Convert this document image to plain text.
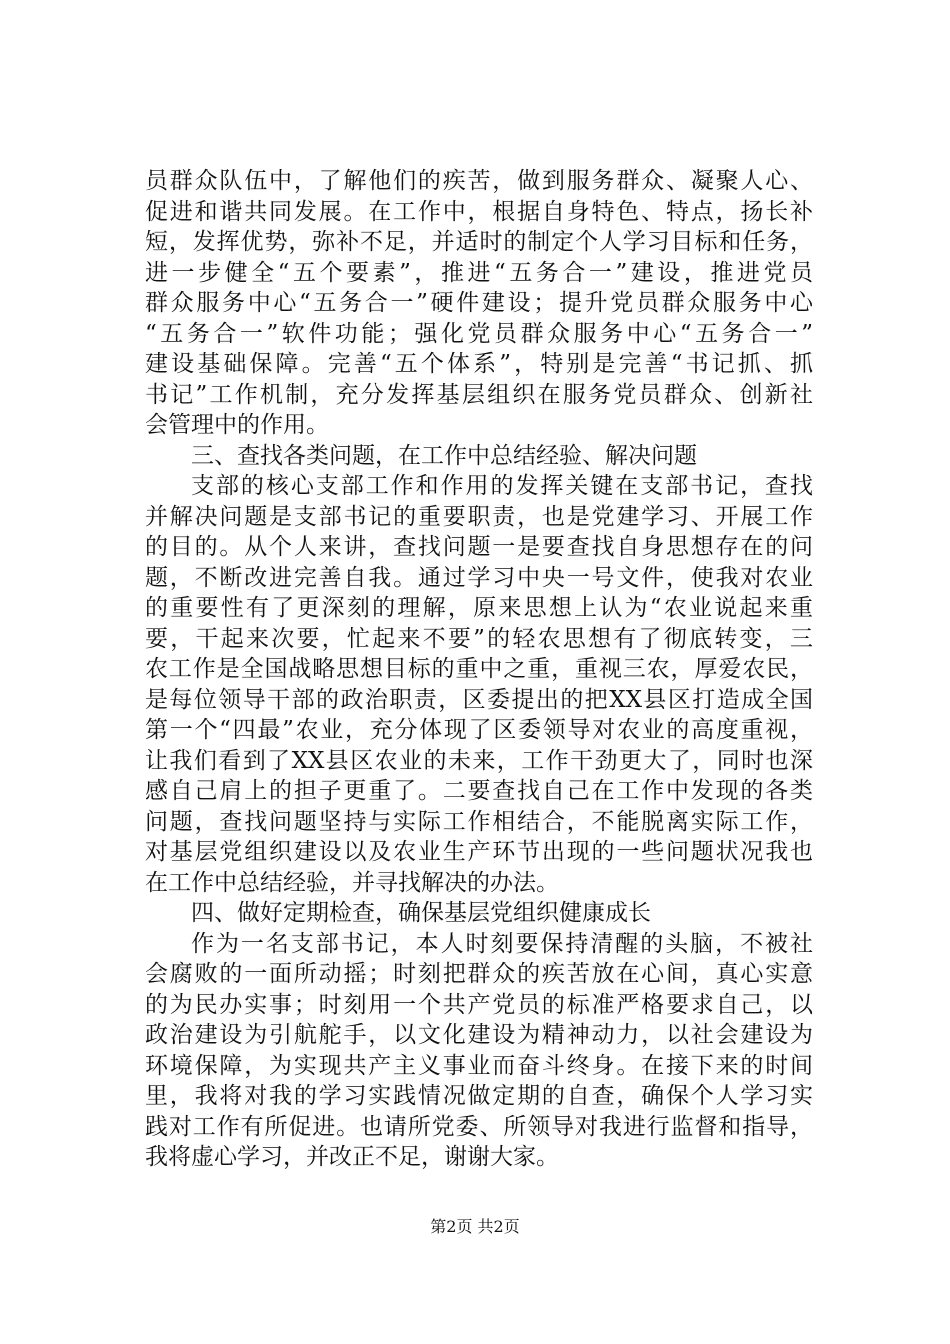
员群众队伍中，了解他们的疾苦，做到服务群众、凝聚人心、
促进和谐共同发展。在工作中，根据自身特色、特点，扬长补
短，发挥优势，弥补不足，并适时的制定个人学习目标和任务，
进一步健全“五个要素”，推进“五务合一”建设，推进党员
群众服务中心“五务合一”硬件建设；提升党员群众服务中心
“五务合一”软件功能；强化党员群众服务中心“五务合一”
建设基础保障。完善“五个体系”，特别是完善“书记抓、抓
书记”工作机制，充分发挥基层组织在服务党员群众、创新社
会管理中的作用。
三、查找各类问题，在工作中总结经验、解决问题
支部的核心支部工作和作用的发挥关键在支部书记，查找
并解决问题是支部书记的重要职责，也是党建学习、开展工作
的目的。从个人来讲，查找问题一是要查找自身思想存在的问
题，不断改进完善自我。通过学习中央一号文件，使我对农业
的重要性有了更深刻的理解，原来思想上认为“农业说起来重
要，干起来次要，忙起来不要”的轻农思想有了彻底转变，三
农工作是全国战略思想目标的重中之重，重视三农，厚爱农民，
是每位领导干部的政治职责，区委提出的把XX县区打造成全国
第一个“四最”农业，充分体现了区委领导对农业的高度重视，
让我们看到了XX县区农业的未来，工作干劲更大了，同时也深
感自己肩上的担子更重了。二要查找自己在工作中发现的各类
问题，查找问题坚持与实际工作相结合，不能脱离实际工作，
对基层党组织建设以及农业生产环节出现的一些问题状况我也
在工作中总结经验，并寻找解决的办法。
四、做好定期检查，确保基层党组织健康成长
作为一名支部书记，本人时刻要保持清醒的头脑，不被社
会腐败的一面所动摇；时刻把群众的疾苦放在心间，真心实意
的为民办实事；时刻用一个共产党员的标准严格要求自己，以
政治建设为引航舵手，以文化建设为精神动力，以社会建设为
环境保障，为实现共产主义事业而奋斗终身。在接下来的时间
里，我将对我的学习实践情况做定期的自查，确保个人学习实
践对工作有所促进。也请所党委、所领导对我进行监督和指导，
我将虚心学习，并改正不足，谢谢大家。
第2页 共2页
